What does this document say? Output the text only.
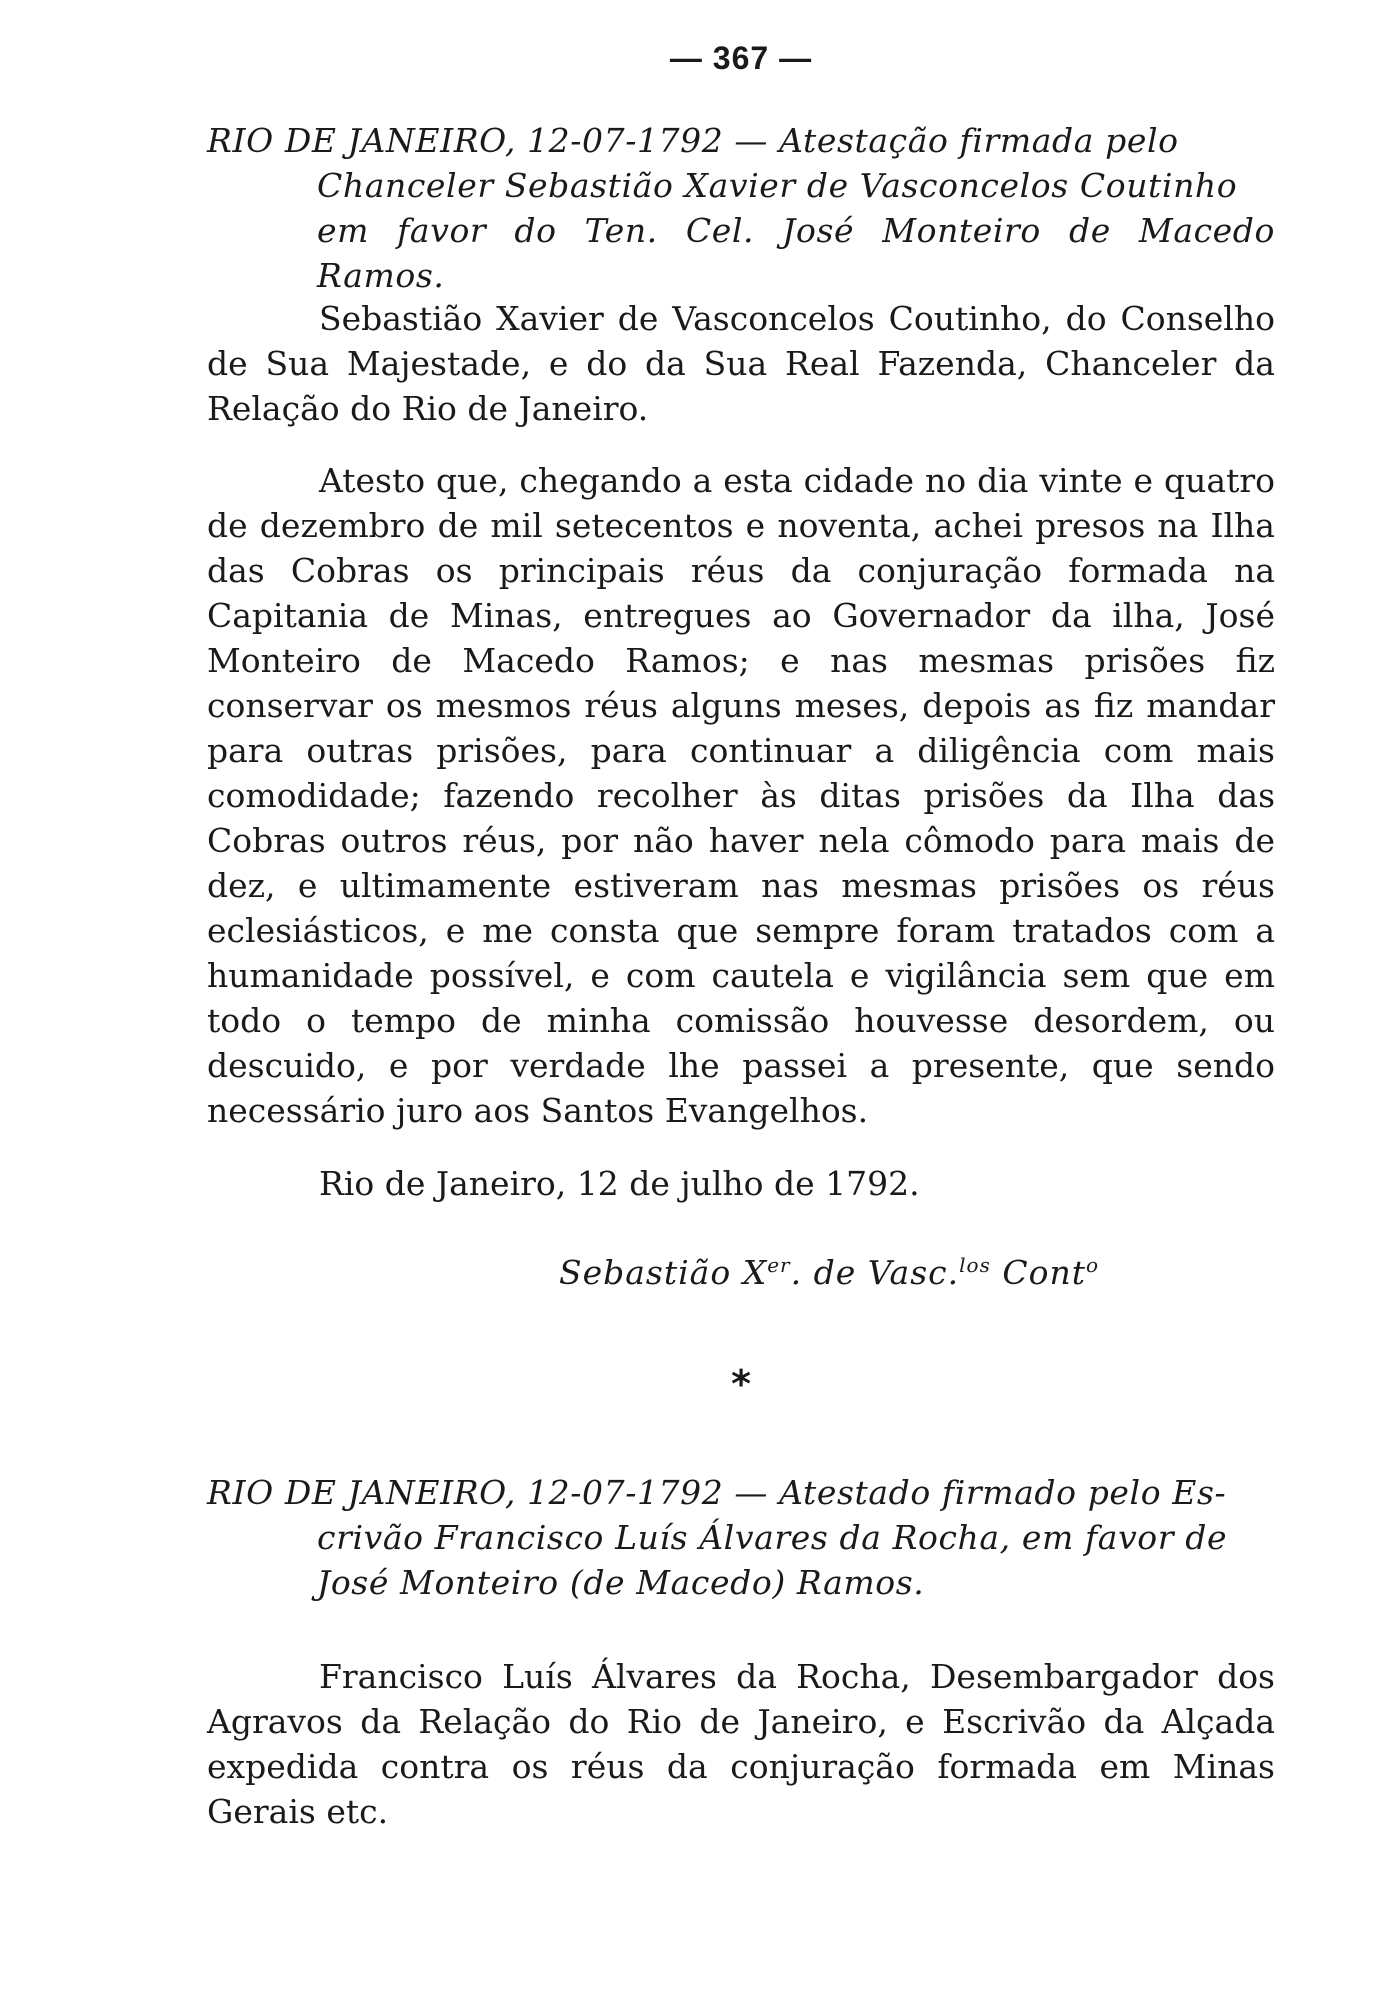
— 367 —
RIO DE JANEIRO, 12-07-1792 — Atestação firmada pelo
Chanceler Sebastião Xavier de Vasconcelos Coutinho
em favor do Ten. Cel. José Monteiro de Macedo Ramos.

Sebastião Xavier de Vasconcelos Coutinho, do Conselho de Sua Majestade, e do da Sua Real Fazenda, Chanceler da Relação do Rio de Janeiro.

Atesto que, chegando a esta cidade no dia vinte e quatro de dezembro de mil setecentos e noventa, achei presos na Ilha das Cobras os principais réus da conjuração formada na Capitania de Minas, entregues ao Governador da ilha, José Monteiro de Macedo Ramos; e nas mesmas prisões fiz conservar os mesmos réus alguns meses, depois as fiz mandar para outras prisões, para continuar a diligência com mais comodidade; fazendo recolher às ditas prisões da Ilha das Cobras outros réus, por não haver nela cômodo para mais de dez, e ultimamente estiveram nas mesmas prisões os réus eclesiásticos, e me consta que sempre foram tratados com a humanidade possível, e com cautela e vigilância sem que em todo o tempo de minha comissão houvesse desordem, ou descuido, e por verdade lhe passei a presente, que sendo necessário juro aos Santos Evangelhos.

Rio de Janeiro, 12 de julho de 1792.
Sebastião Xer. de Vasc.$^{los}$ Cont$^o$
*
RIO DE JANEIRO, 12-07-1792 — Atestado firmado pelo Es-
crivão Francisco Luís Álvares da Rocha, em favor de
José Monteiro (de Macedo) Ramos.

Francisco Luís Álvares da Rocha, Desembargador dos Agravos da Relação do Rio de Janeiro, e Escrivão da Alçada expedida contra os réus da conjuração formada em Minas Gerais etc.
